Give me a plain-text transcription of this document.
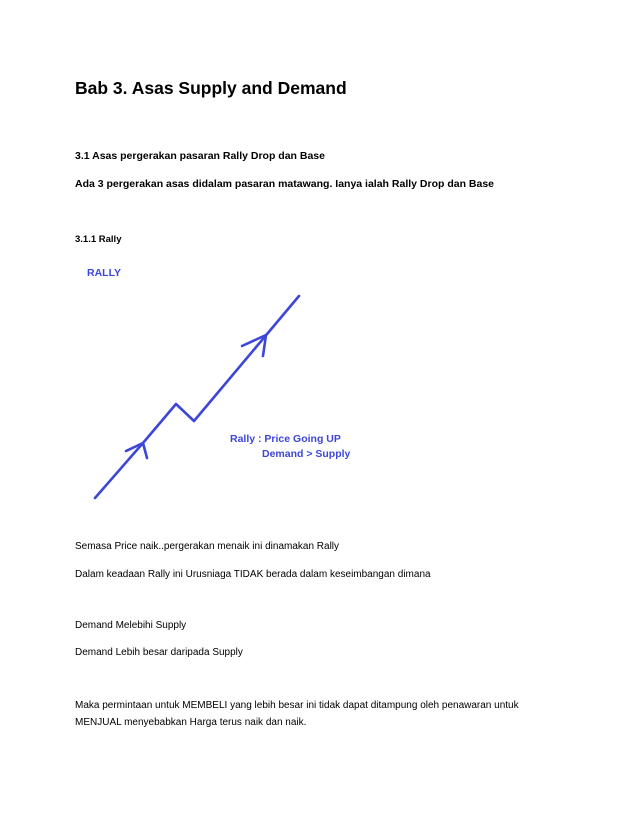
Bab 3. Asas Supply and Demand
3.1 Asas pergerakan pasaran Rally Drop dan Base
Ada 3 pergerakan asas didalam pasaran matawang. Ianya ialah Rally Drop dan Base
3.1.1 Rally
RALLY
Rally : Price Going UP
Demand > Supply
Semasa Price naik..pergerakan menaik ini dinamakan Rally
Dalam keadaan Rally ini Urusniaga TIDAK berada dalam keseimbangan dimana
Demand Melebihi Supply
Demand Lebih besar daripada Supply
Maka permintaan untuk MEMBELI yang lebih besar ini tidak dapat ditampung oleh penawaran untuk MENJUAL menyebabkan Harga terus naik dan naik.
